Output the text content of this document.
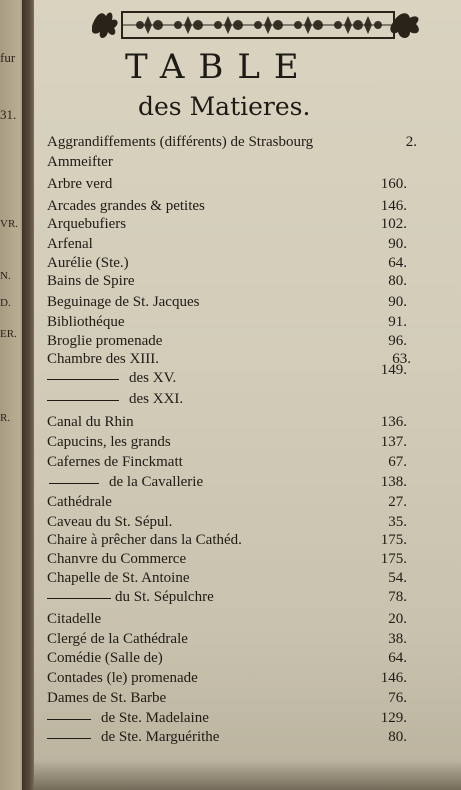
fur
31.
VR.
N.
D.
ER.
R.
TABLE
des Matieres.
Aggrandiffements (différents) de Strasbourg	2.
Ammeifter
Arbre verd	160.
Arcades grandes & petites	146.
Arquebufiers	102.
Arfenal	90.
Aurélie (Ste.)	64.
Bains de Spire	80.
Beguinage de St. Jacques	90.
Bibliothéque	91.
Broglie promenade	96.
Chambre des XIII.	63.
des XV.	149.
des XXI.
Canal du Rhin	136.
Capucins, les grands	137.
Cafernes de Finckmatt	67.
de la Cavallerie	138.
Cathédrale	27.
Caveau du St. Sépul.	35.
Chaire à prêcher dans la Cathéd.	175.
Chanvre du Commerce	175.
Chapelle de St. Antoine	54.
du St. Sépulchre	78.
Citadelle	20.
Clergé de la Cathédrale	38.
Comédie (Salle de)	64.
Contades (le) promenade	146.
Dames de St. Barbe	76.
de Ste. Madelaine	129.
de Ste. Marguérithe	80.
